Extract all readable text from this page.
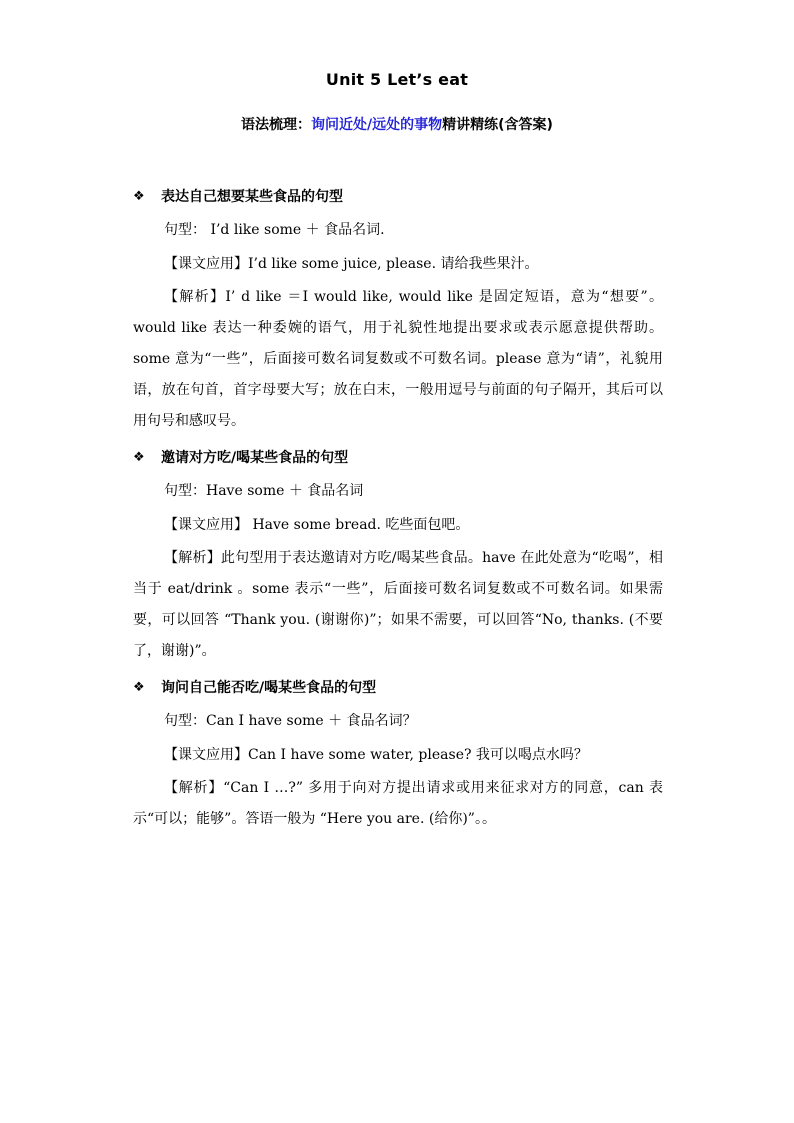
Unit 5 Let’s eat
语法梳理：询问近处/远处的事物精讲精练(含答案)
❖	表达自己想要某些食品的句型
句型： I’d like some ＋ 食品名词.
【课文应用】I’d like some juice, please. 请给我些果汁。
【解析】I’ d like ＝I would like, would like 是固定短语，意为“想要”。would like 表达一种委婉的语气，用于礼貌性地提出要求或表示愿意提供帮助。some 意为“一些”，后面接可数名词复数或不可数名词。please 意为“请”，礼貌用语，放在句首，首字母要大写；放在白末，一般用逗号与前面的句子隔开，其后可以用句号和感叹号。
❖	邀请对方吃/喝某些食品的句型
句型：Have some ＋ 食品名词
【课文应用】 Have some bread. 吃些面包吧。
【解析】此句型用于表达邀请对方吃/喝某些食品。have 在此处意为“吃喝”，相当于 eat/drink 。some 表示“一些”，后面接可数名词复数或不可数名词。如果需要，可以回答 “Thank you. (谢谢你)”；如果不需要，可以回答“No, thanks. (不要了，谢谢)”。
❖	询问自己能否吃/喝某些食品的句型
句型：Can I have some ＋ 食品名词？
【课文应用】Can I have some water, please? 我可以喝点水吗？
【解析】“Can I …?” 多用于向对方提出请求或用来征求对方的同意，can 表示“可以；能够”。答语一般为 “Here you are. (给你)”。。
